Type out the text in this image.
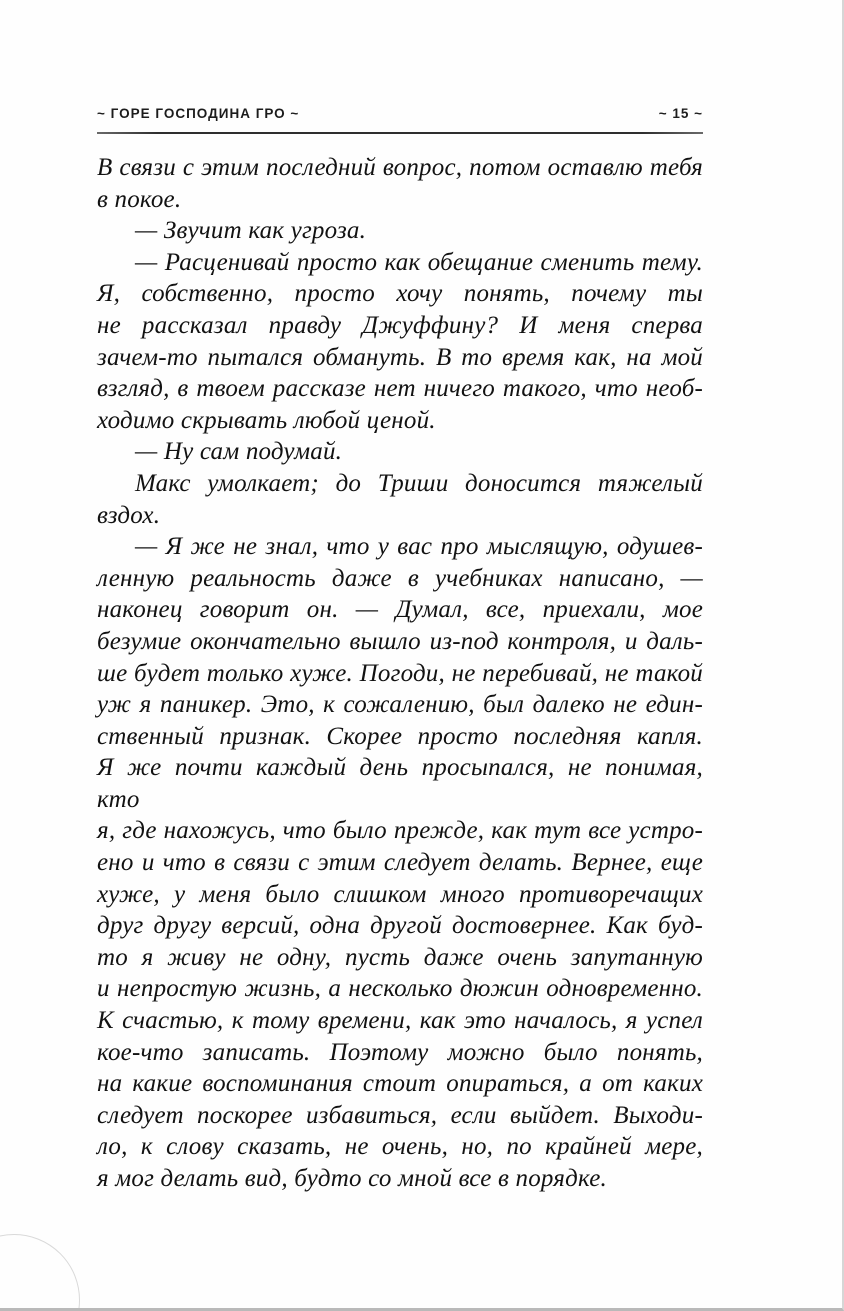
~ ГОРЕ ГОСПОДИНА ГРО ~	~ 15 ~
В связи с этим последний вопрос, потом оставлю тебя
в покое.
— Звучит как угроза.
— Расценивай просто как обещание сменить тему.
Я, собственно, просто хочу понять, почему ты
не рассказал правду Джуффину? И меня сперва
зачем-то пытался обмануть. В то время как, на мой
взгляд, в твоем рассказе нет ничего такого, что необ-
ходимо скрывать любой ценой.
— Ну сам подумай.
Макс умолкает; до Триши доносится тяжелый
вздох.
— Я же не знал, что у вас про мыслящую, одушев-
ленную реальность даже в учебниках написано, —
наконец говорит он. — Думал, все, приехали, мое
безумие окончательно вышло из-под контроля, и даль-
ше будет только хуже. Погоди, не перебивай, не такой
уж я паникер. Это, к сожалению, был далеко не един-
ственный признак. Скорее просто последняя капля.
Я же почти каждый день просыпался, не понимая, кто
я, где нахожусь, что было прежде, как тут все устро-
ено и что в связи с этим следует делать. Вернее, еще
хуже, у меня было слишком много противоречащих
друг другу версий, одна другой достовернее. Как буд-
то я живу не одну, пусть даже очень запутанную
и непростую жизнь, а несколько дюжин одновременно.
К счастью, к тому времени, как это началось, я успел
кое-что записать. Поэтому можно было понять,
на какие воспоминания стоит опираться, а от каких
следует поскорее избавиться, если выйдет. Выходи-
ло, к слову сказать, не очень, но, по крайней мере,
я мог делать вид, будто со мной все в порядке.
